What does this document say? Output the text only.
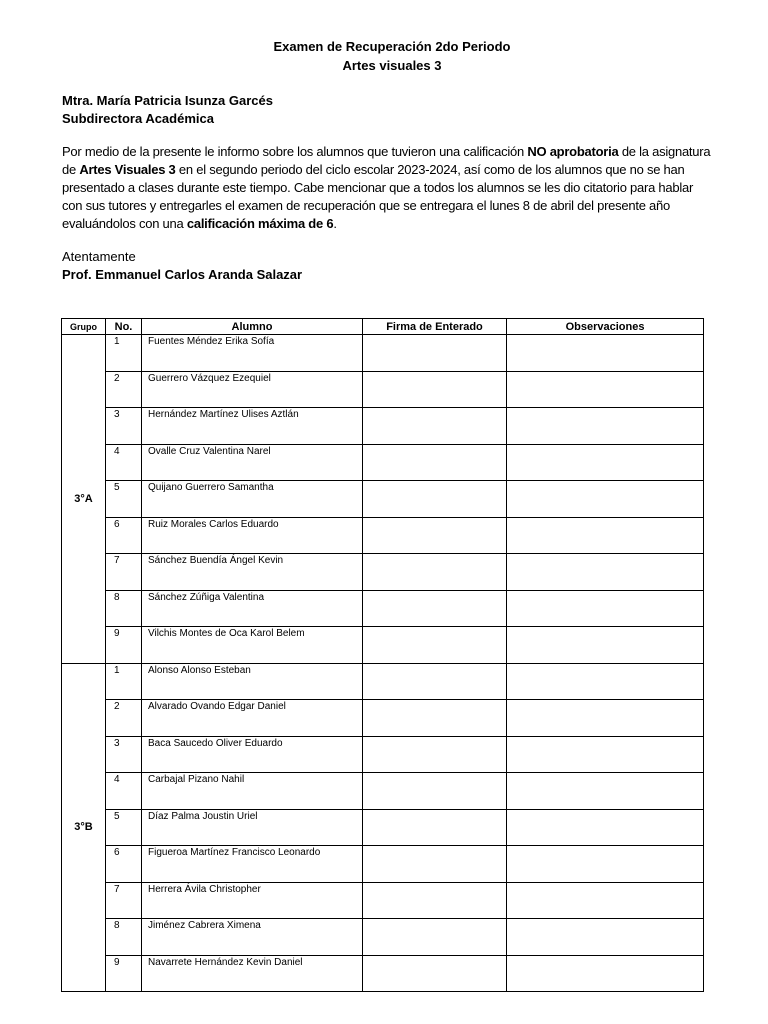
Examen de Recuperación 2do Periodo
Artes visuales 3
Mtra. María Patricia Isunza Garcés
Subdirectora Académica
Por medio de la presente le informo sobre los alumnos que tuvieron una calificación NO aprobatoria de la asignatura
de Artes Visuales 3 en el segundo periodo del ciclo escolar 2023-2024, así como de los alumnos que no se han
presentado a clases durante este tiempo. Cabe mencionar que a todos los alumnos se les dio citatorio para hablar
con sus tutores y entregarles el examen de recuperación que se entregara el lunes 8 de abril del presente año
evaluándolos con una calificación máxima de 6.
Atentamente
Prof. Emmanuel Carlos Aranda Salazar
Grupo	No.	Alumno	Firma de Enterado	Observaciones
3°A	1	Fuentes Méndez Erika Sofía		
	2	Guerrero Vázquez Ezequiel		
	3	Hernández Martínez Ulises Aztlán		
	4	Ovalle Cruz Valentina Narel		
	5	Quijano Guerrero Samantha		
	6	Ruiz Morales Carlos Eduardo		
	7	Sánchez Buendía Ángel Kevin		
	8	Sánchez Zúñiga Valentina		
	9	Vilchis Montes de Oca Karol Belem		
3°B	1	Alonso Alonso Esteban		
	2	Alvarado Ovando Edgar Daniel		
	3	Baca Saucedo Oliver Eduardo		
	4	Carbajal Pizano Nahil		
	5	Díaz Palma Joustin Uriel		
	6	Figueroa Martínez Francisco Leonardo		
	7	Herrera Ávila Christopher		
	8	Jiménez Cabrera Ximena		
	9	Navarrete Hernández Kevin Daniel		
